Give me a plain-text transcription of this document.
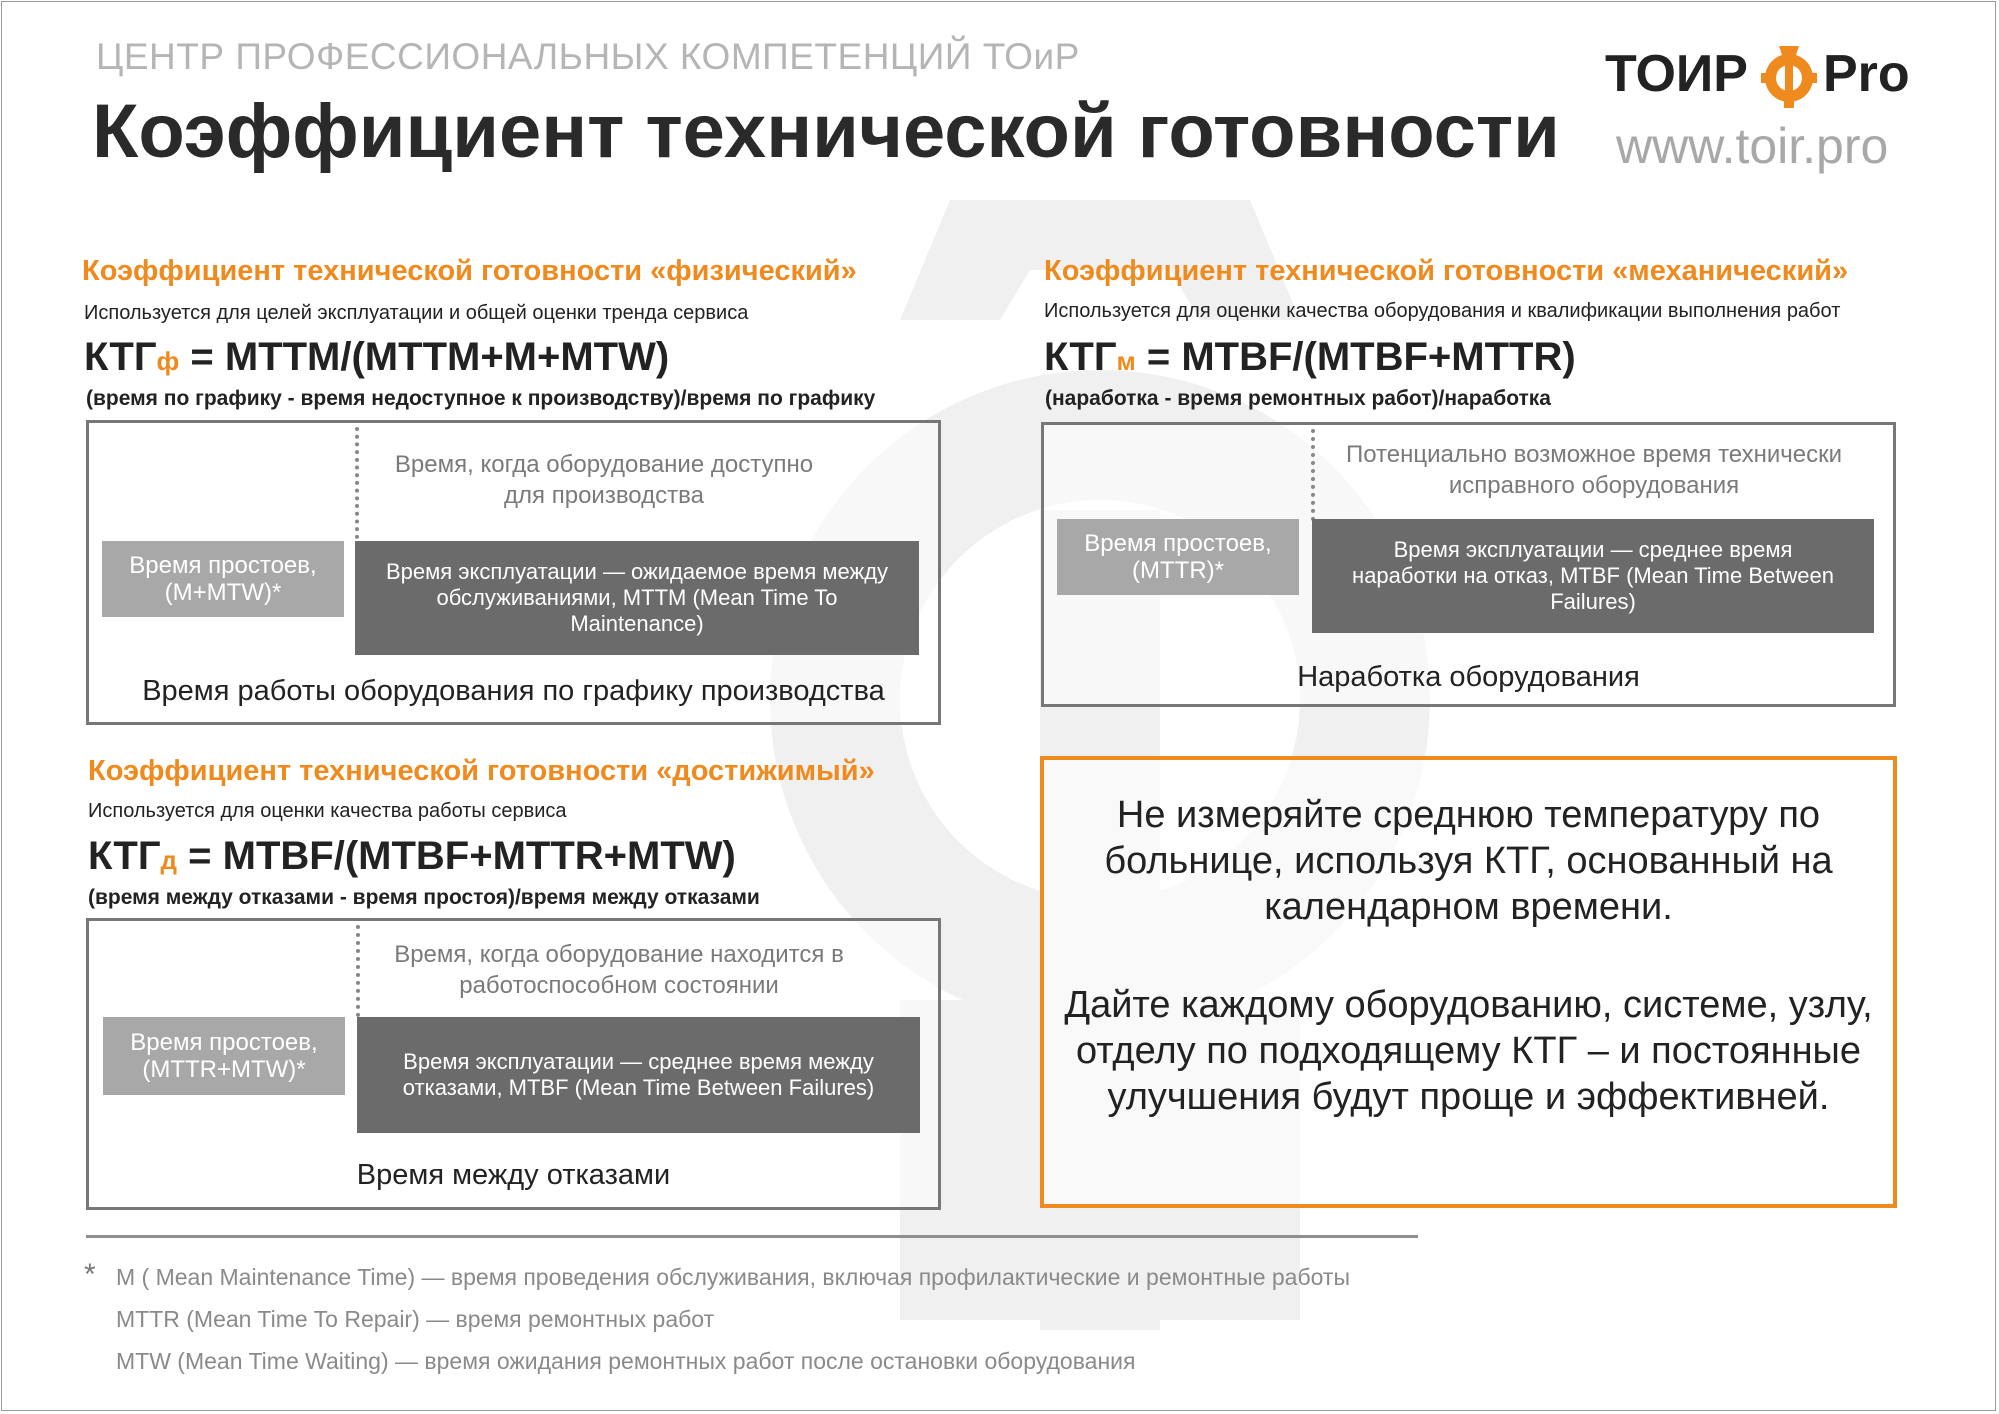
ЦЕНТР ПРОФЕССИОНАЛЬНЫХ КОМПЕТЕНЦИЙ ТОиР
Коэффициент технической готовности
ТОИР Pro
www.toir.pro
Коэффициент технической готовности «физический»
Используется для целей эксплуатации и общей оценки тренда сервиса
КТГф = MTTM/(MTTM+M+MTW)
(время по графику - время недоступное к производству)/время по графику
Время, когда оборудование доступно для производства
Время простоев, (М+MTW)*
Время эксплуатации — ожидаемое время между обслуживаниями, MTTM (Mean Time To Maintenance)
Время работы оборудования по графику производства
Коэффициент технической готовности «механический»
Используется для оценки качества оборудования и квалификации выполнения работ
КТГм = MTBF/(MTBF+MTTR)
(наработка - время ремонтных работ)/наработка
Потенциально возможное время технически исправного оборудования
Время простоев, (MTTR)*
Время эксплуатации — среднее время наработки на отказ, MTBF (Mean Time Between Failures)
Наработка оборудования
Коэффициент технической готовности «достижимый»
Используется для оценки качества работы сервиса
КТГд = MTBF/(MTBF+MTTR+MTW)
(время между отказами - время простоя)/время между отказами
Время, когда оборудование находится в работоспособном состоянии
Время простоев, (MTTR+MTW)*	Время эксплуатации — среднее время между отказами, MTBF (Mean Time Between Failures)
Время между отказами
Не измеряйте среднюю температуру по больнице, используя КТГ, основанный на календарном времени.
Дайте каждому оборудованию, системе, узлу, отделу по подходящему КТГ – и постоянные улучшения будут проще и эффективней.
* М ( Mean Maintenance Time) — время проведения обслуживания, включая профилактические и ремонтные работы
MTTR (Mean Time To Repair) — время ремонтных работ
MTW (Mean Time Waiting) — время ожидания ремонтных работ после остановки оборудования
